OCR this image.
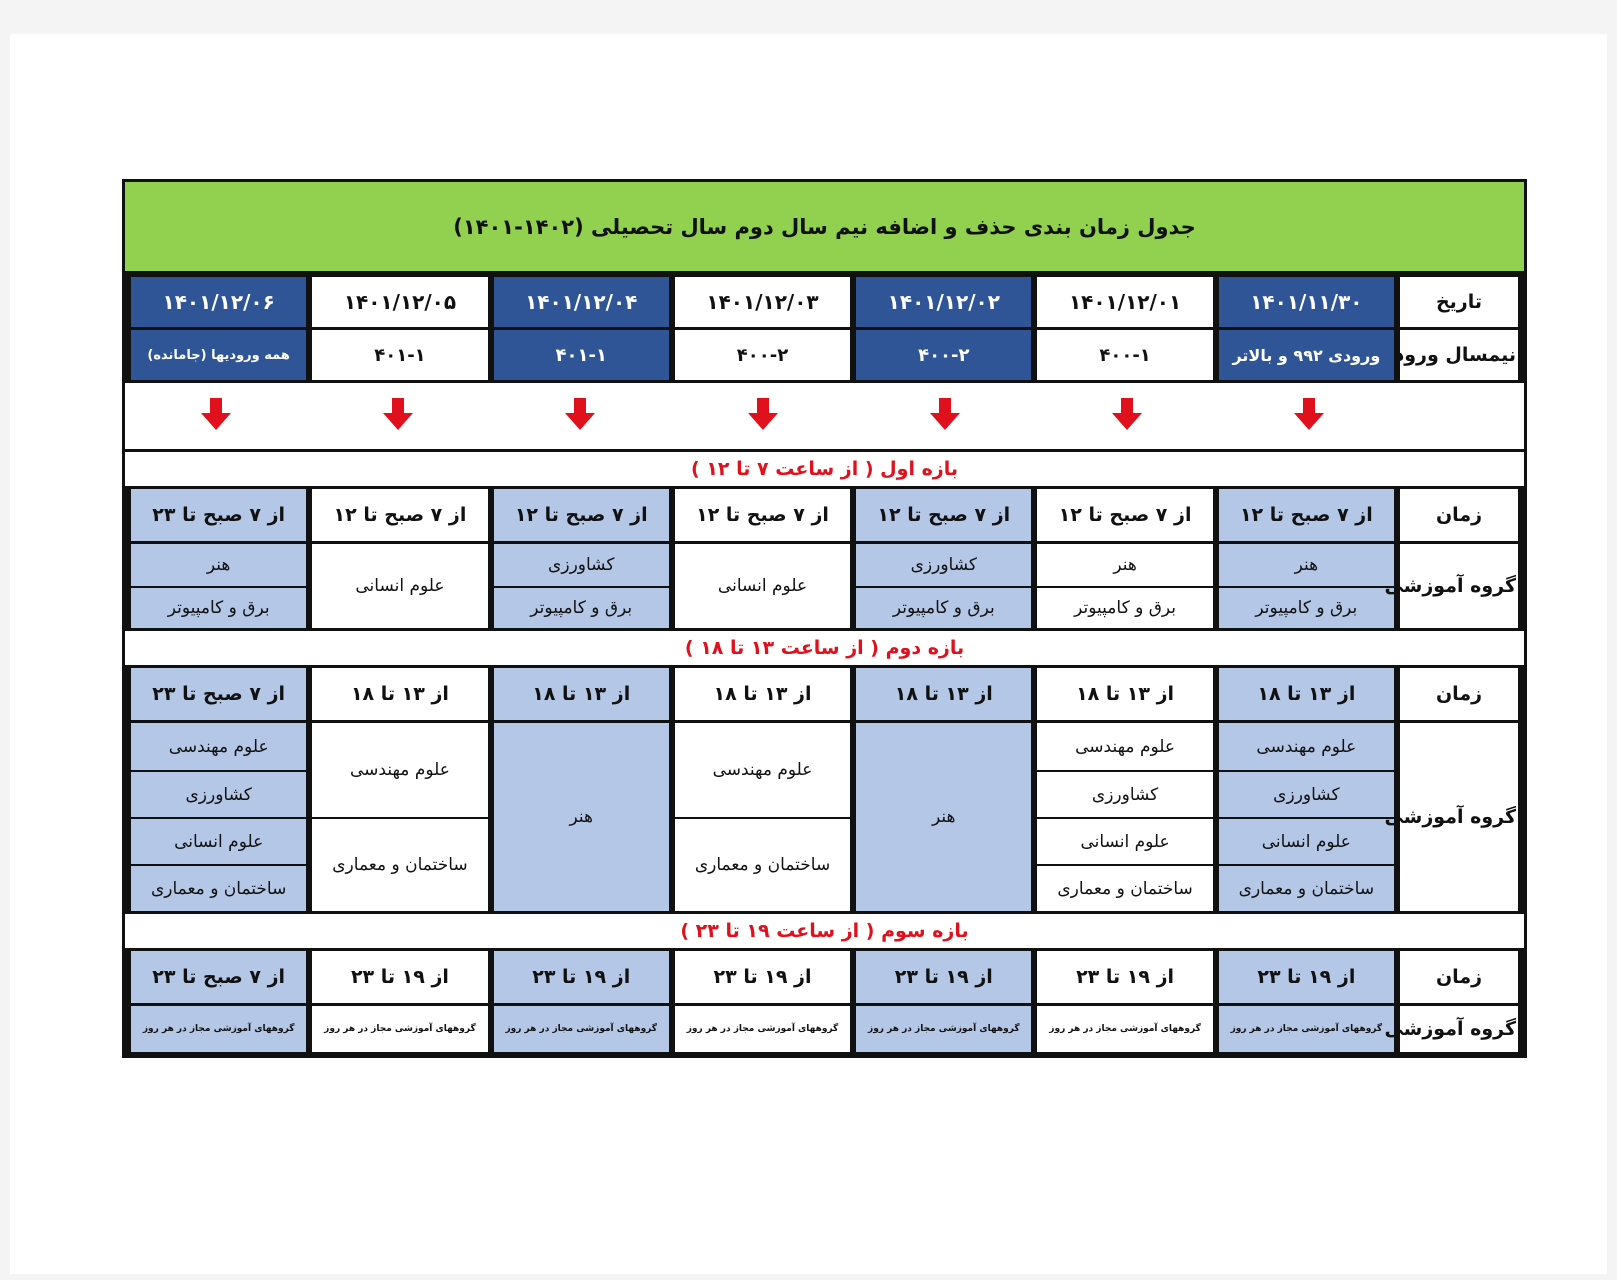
جدول زمان بندی حذف و اضافه نیم سال دوم سال تحصیلی (۱۴۰۲-۱۴۰۱)

تاریخ	۱۴۰۱/۱۱/۳۰	۱۴۰۱/۱۲/۰۱	۱۴۰۱/۱۲/۰۲	۱۴۰۱/۱۲/۰۳	۱۴۰۱/۱۲/۰۴	۱۴۰۱/۱۲/۰۵	۱۴۰۱/۱۲/۰۶

نیمسال ورود	ورودی ۹۹۲ و بالاتر	۴۰۰-۱	۴۰۰-۲	۴۰۰-۲	۴۰۱-۱	۴۰۱-۱	همه ورودیها (جامانده)

بازه اول ( از ساعت ۷ تا ۱۲ )
زمان	از ۷ صبح تا ۱۲	از ۷ صبح تا ۱۲	از ۷ صبح تا ۱۲	از ۷ صبح تا ۱۲	از ۷ صبح تا ۱۲	از ۷ صبح تا ۱۲	از ۷ صبح تا ۲۳

گروه آموزشی	هنر	هنر	کشاورزی	علوم انسانی	کشاورزی	علوم انسانی	هنر
	برق و کامپیوتر	برق و کامپیوتر	برق و کامپیوتر		برق و کامپیوتر		برق و کامپیوتر
بازه دوم ( از ساعت ۱۳ تا ۱۸ )
زمان	از ۱۳ تا ۱۸	از ۱۳ تا ۱۸	از ۱۳ تا ۱۸	از ۱۳ تا ۱۸	از ۱۳ تا ۱۸	از ۱۳ تا ۱۸	از ۷ صبح تا ۲۳

گروه آموزشی	علوم مهندسی	علوم مهندسی	هنر	علوم مهندسی	هنر	علوم مهندسی	علوم مهندسی
	کشاورزی	کشاورزی					کشاورزی
	علوم انسانی	علوم انسانی		ساختمان و معماری		ساختمان و معماری	علوم انسانی
	ساختمان و معماری	ساختمان و معماری					ساختمان و معماری
بازه سوم ( از ساعت ۱۹ تا ۲۳ )
زمان	از ۱۹ تا ۲۳	از ۱۹ تا ۲۳	از ۱۹ تا ۲۳	از ۱۹ تا ۲۳	از ۱۹ تا ۲۳	از ۱۹ تا ۲۳	از ۷ صبح تا ۲۳

گروه آموزشی	گروههای آموزشی مجاز در هر روز	گروههای آموزشی مجاز در هر روز	گروههای آموزشی مجاز در هر روز	گروههای آموزشی مجاز در هر روز	گروههای آموزشی مجاز در هر روز	گروههای آموزشی مجاز در هر روز	گروههای آموزشی مجاز در هر روز
